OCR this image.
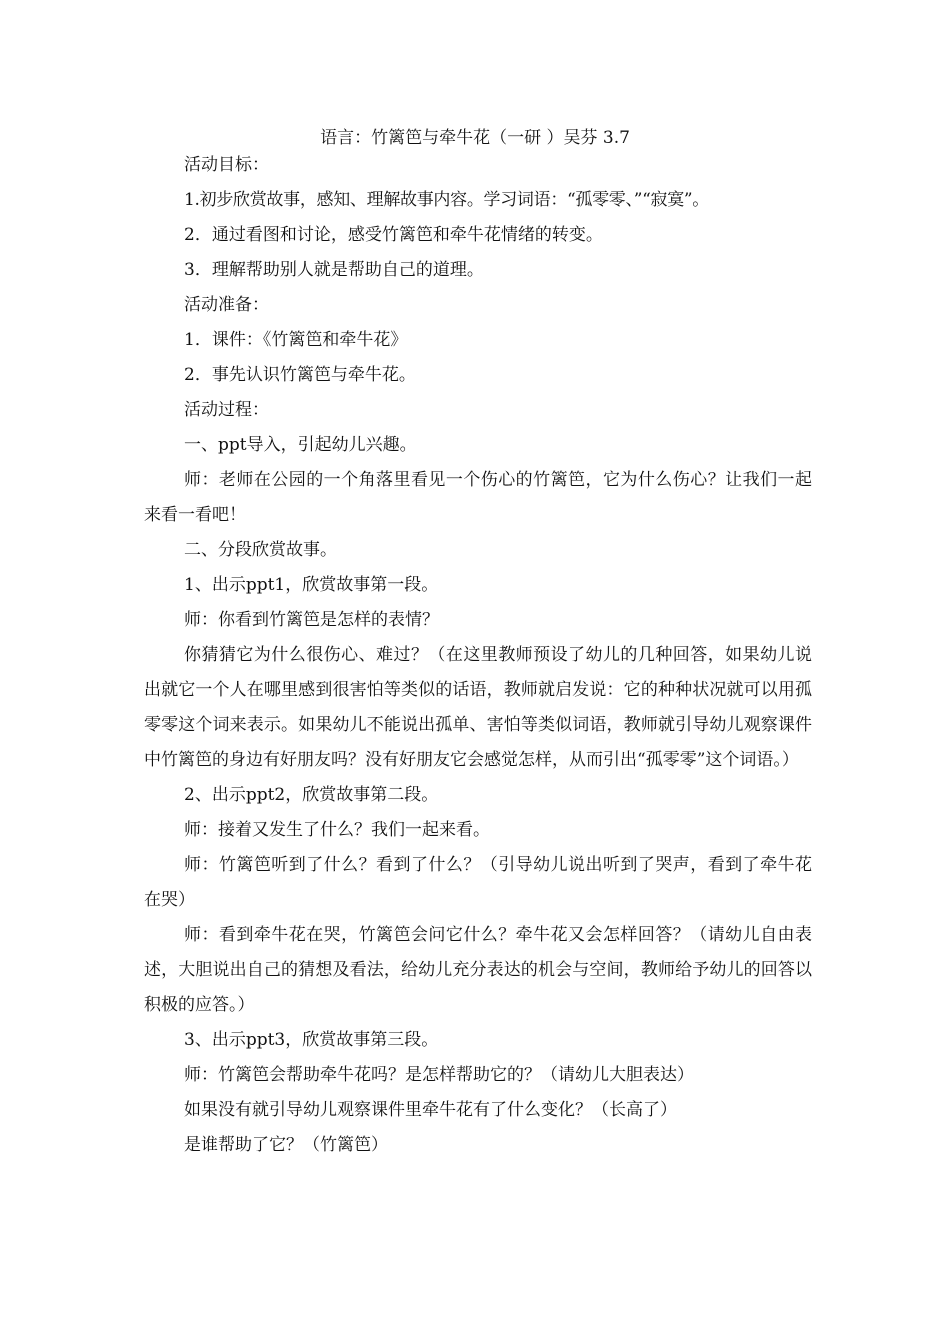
语言：竹篱笆与牵牛花（一研 ）吴芬 3.7

活动目标：

1.初步欣赏故事，感知、理解故事内容。学习词语：“孤零零、”“寂寞”。

2．通过看图和讨论，感受竹篱笆和牵牛花情绪的转变。

3．理解帮助别人就是帮助自己的道理。

活动准备：

1．课件：《竹篱笆和牵牛花》

2．事先认识竹篱笆与牵牛花。

活动过程：

一、ppt导入，引起幼儿兴趣。

师：老师在公园的一个角落里看见一个伤心的竹篱笆，它为什么伤心？让我们一起来看一看吧！

二、分段欣赏故事。

1、出示ppt1，欣赏故事第一段。

师：你看到竹篱笆是怎样的表情？

你猜猜它为什么很伤心、难过？（在这里教师预设了幼儿的几种回答，如果幼儿说出就它一个人在哪里感到很害怕等类似的话语，教师就启发说：它的种种状况就可以用孤零零这个词来表示。如果幼儿不能说出孤单、害怕等类似词语，教师就引导幼儿观察课件中竹篱笆的身边有好朋友吗？没有好朋友它会感觉怎样，从而引出“孤零零”这个词语。）

2、出示ppt2，欣赏故事第二段。

师：接着又发生了什么？我们一起来看。

师：竹篱笆听到了什么？看到了什么？（引导幼儿说出听到了哭声，看到了牵牛花在哭）

师：看到牵牛花在哭，竹篱笆会问它什么？牵牛花又会怎样回答？（请幼儿自由表述，大胆说出自己的猜想及看法，给幼儿充分表达的机会与空间，教师给予幼儿的回答以积极的应答。）

3、出示ppt3，欣赏故事第三段。

师：竹篱笆会帮助牵牛花吗？是怎样帮助它的？（请幼儿大胆表达）

如果没有就引导幼儿观察课件里牵牛花有了什么变化？（长高了）

是谁帮助了它？（竹篱笆）
